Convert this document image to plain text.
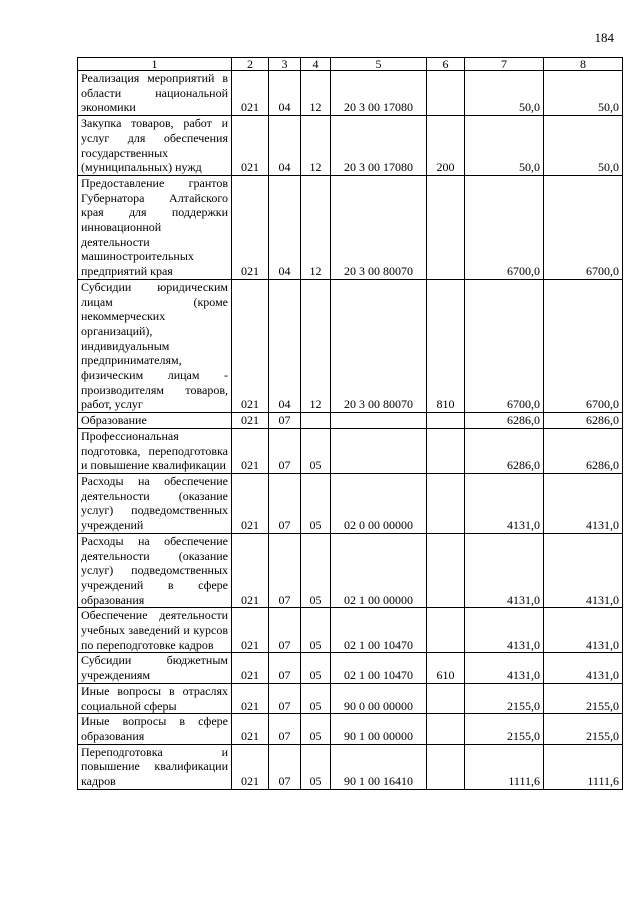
184
1	2	3	4	5	6	7	8
Реализация мероприятий в области национальной экономики	021	04	12	20 3 00 17080		50,0	50,0
Закупка товаров, работ и услуг для обеспечения государственных (муниципальных) нужд	021	04	12	20 3 00 17080	200	50,0	50,0
Предоставление грантов Губернатора Алтайского края для поддержки инновационной деятельности машиностроительных предприятий края	021	04	12	20 3 00 80070		6700,0	6700,0
Субсидии юридическим лицам (кроме некоммерческих организаций), индивидуальным предпринимателям, физическим лицам - производителям товаров, работ, услуг	021	04	12	20 3 00 80070	810	6700,0	6700,0
Образование	021	07				6286,0	6286,0
Профессиональная подготовка, переподготовка и повышение квалификации	021	07	05			6286,0	6286,0
Расходы на обеспечение деятельности (оказание услуг) подведомственных учреждений	021	07	05	02 0 00 00000		4131,0	4131,0
Расходы на обеспечение деятельности (оказание услуг) подведомственных учреждений в сфере образования	021	07	05	02 1 00 00000		4131,0	4131,0
Обеспечение деятельности учебных заведений и курсов по переподготовке кадров	021	07	05	02 1 00 10470		4131,0	4131,0
Субсидии бюджетным учреждениям	021	07	05	02 1 00 10470	610	4131,0	4131,0
Иные вопросы в отраслях социальной сферы	021	07	05	90 0 00 00000		2155,0	2155,0
Иные вопросы в сфере образования	021	07	05	90 1 00 00000		2155,0	2155,0
Переподготовка и повышение квалификации кадров	021	07	05	90 1 00 16410		1111,6	1111,6
